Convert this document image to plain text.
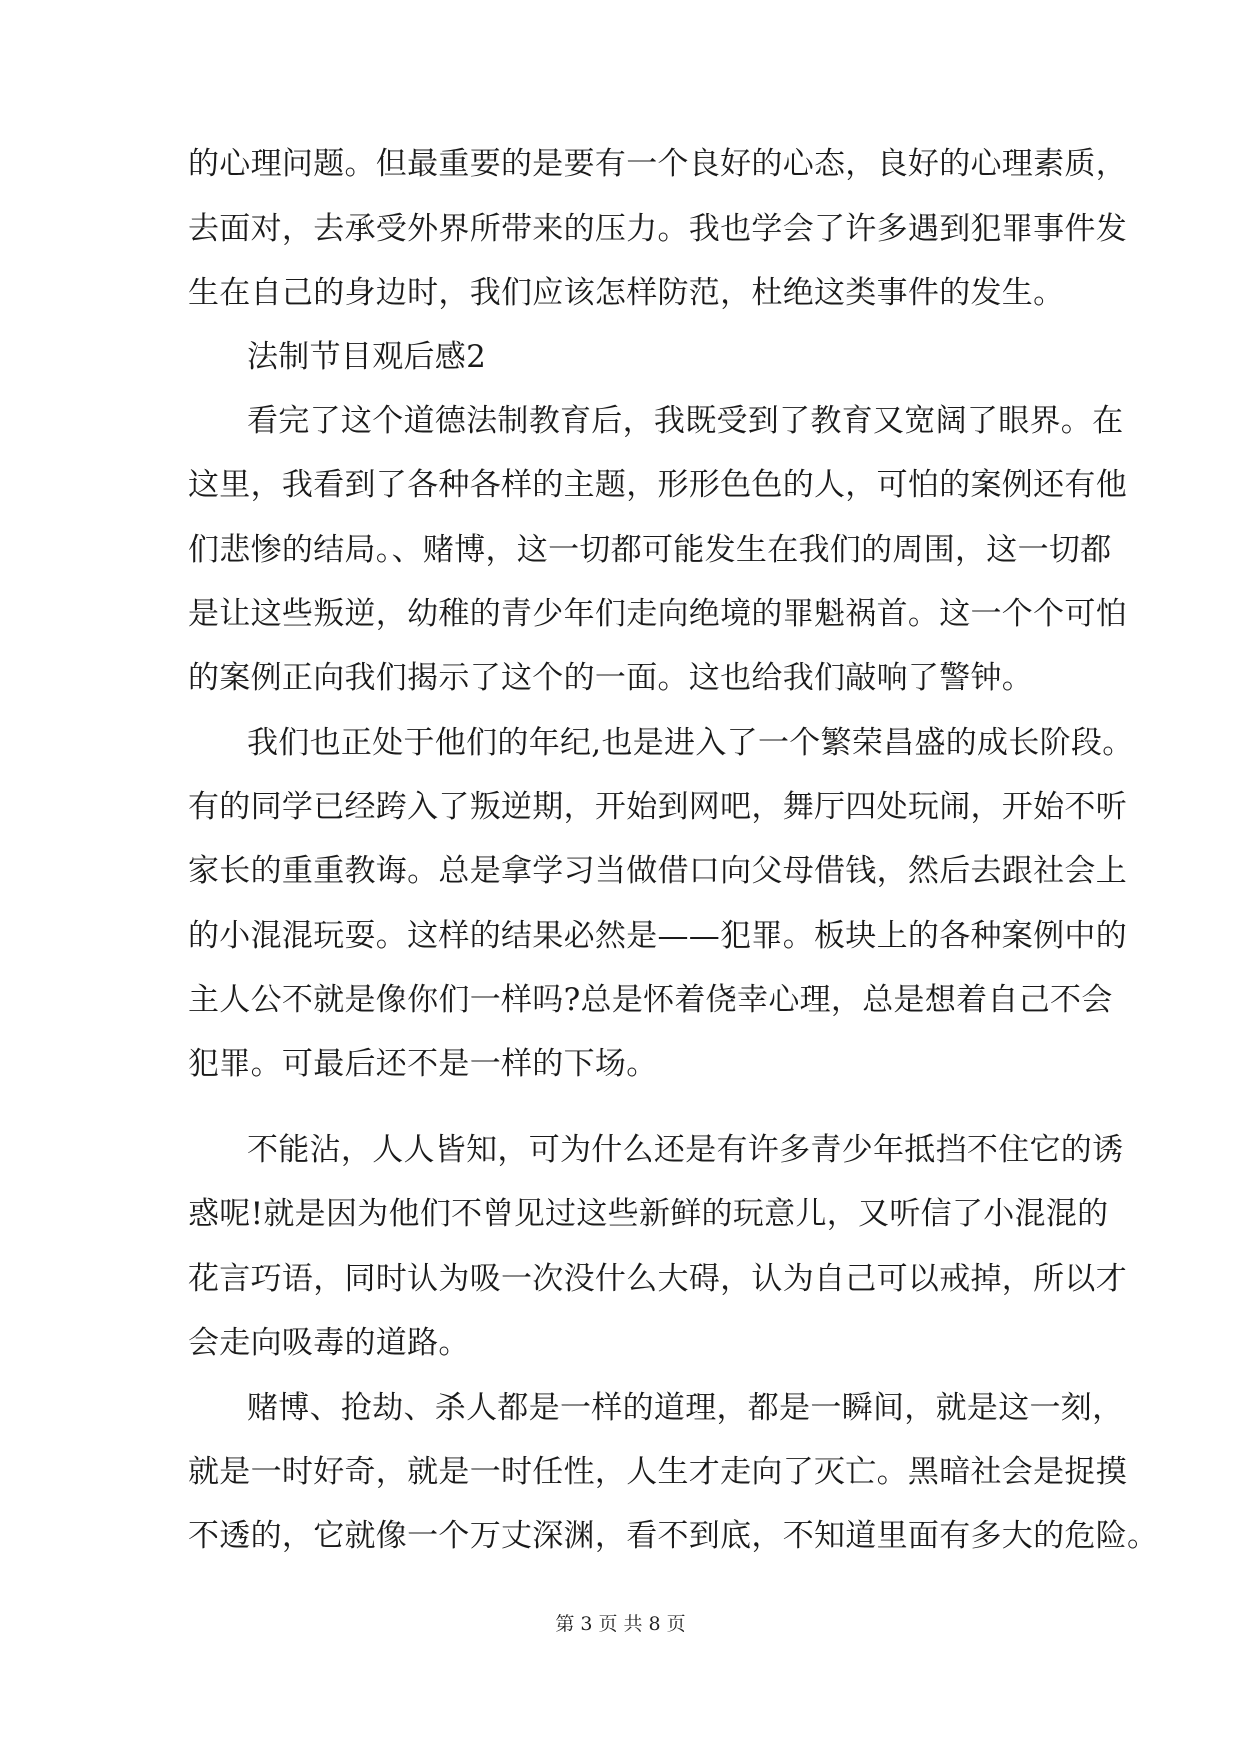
的心理问题。但最重要的是要有一个良好的心态，良好的心理素质，
去面对，去承受外界所带来的压力。我也学会了许多遇到犯罪事件发
生在自己的身边时，我们应该怎样防范，杜绝这类事件的发生。
法制节目观后感2
看完了这个道德法制教育后，我既受到了教育又宽阔了眼界。在
这里，我看到了各种各样的主题，形形色色的人，可怕的案例还有他
们悲惨的结局。、赌博，这一切都可能发生在我们的周围，这一切都
是让这些叛逆，幼稚的青少年们走向绝境的罪魁祸首。这一个个可怕
的案例正向我们揭示了这个的一面。这也给我们敲响了警钟。
我们也正处于他们的年纪,也是进入了一个繁荣昌盛的成长阶段。
有的同学已经跨入了叛逆期，开始到网吧，舞厅四处玩闹，开始不听
家长的重重教诲。总是拿学习当做借口向父母借钱，然后去跟社会上
的小混混玩耍。这样的结果必然是——犯罪。板块上的各种案例中的
主人公不就是像你们一样吗?总是怀着侥幸心理，总是想着自己不会
犯罪。可最后还不是一样的下场。
不能沾，人人皆知，可为什么还是有许多青少年抵挡不住它的诱
惑呢!就是因为他们不曾见过这些新鲜的玩意儿，又听信了小混混的
花言巧语，同时认为吸一次没什么大碍，认为自己可以戒掉，所以才
会走向吸毒的道路。
赌博、抢劫、杀人都是一样的道理，都是一瞬间，就是这一刻，
就是一时好奇，就是一时任性，人生才走向了灭亡。黑暗社会是捉摸
不透的，它就像一个万丈深渊，看不到底，不知道里面有多大的危险。
第 3 页 共 8 页
